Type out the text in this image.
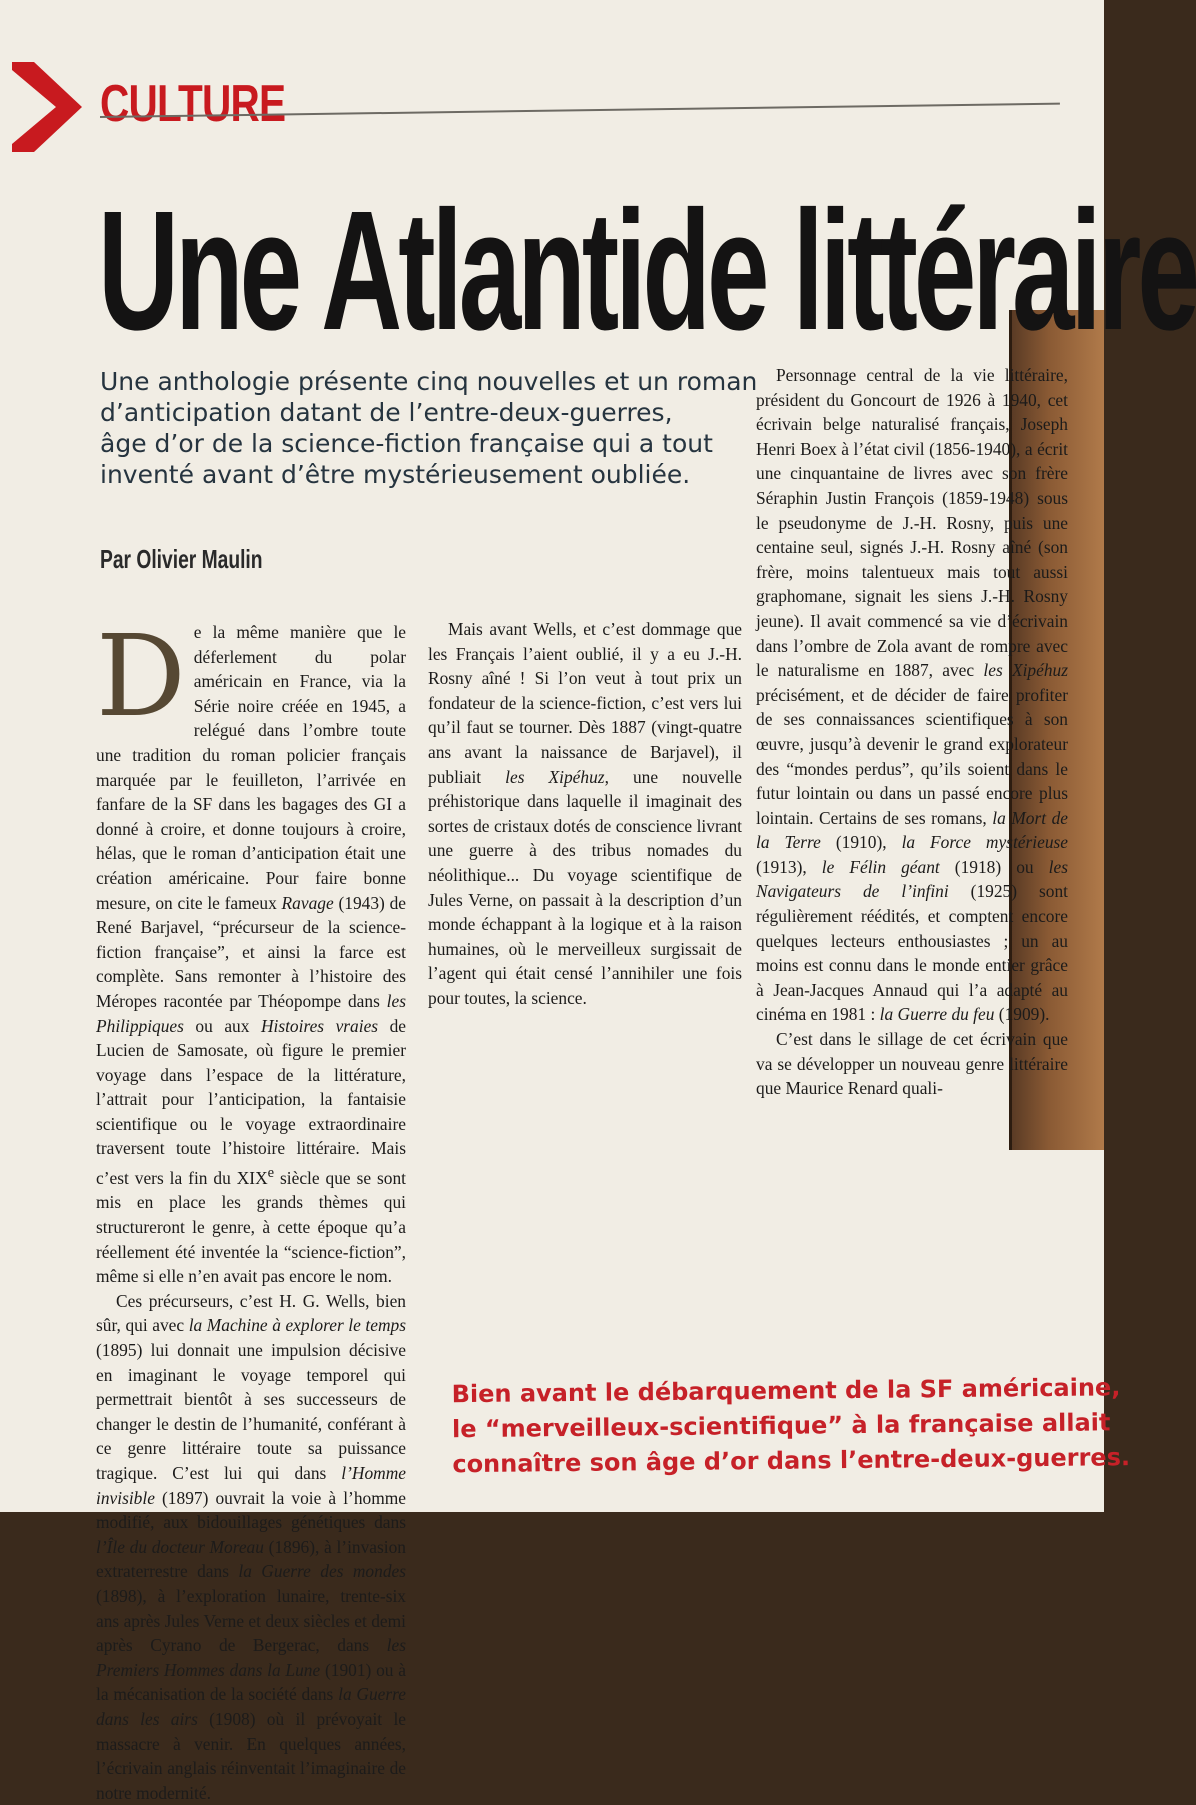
CULTURE
Une Atlantide littéraire
Une anthologie présente cinq nouvelles et un roman
d’anticipation datant de l’entre-deux-guerres,
âge d’or de la science-fiction française qui a tout
inventé avant d’être mystérieusement oubliée.
Par Olivier Maulin

De la même manière que le déferlement du polar américain en France, via la Série noire créée en 1945, a relégué dans l’ombre toute une tradition du roman policier français marquée par le feuilleton, l’arrivée en fanfare de la SF dans les bagages des GI a donné à croire, et donne toujours à croire, hélas, que le roman d’anticipation était une création américaine. Pour faire bonne mesure, on cite le fameux Ravage (1943) de René Barjavel, “précurseur de la science-fiction française”, et ainsi la farce est complète. Sans remonter à l’histoire des Méropes racontée par Théopompe dans les Philippiques ou aux Histoires vraies de Lucien de Samosate, où figure le premier voyage dans l’espace de la littérature, l’attrait pour l’anticipation, la fantaisie scientifique ou le voyage extraordinaire traversent toute l’histoire littéraire. Mais c’est vers la fin du XIXe siècle que se sont mis en place les grands thèmes qui structureront le genre, à cette époque qu’a réellement été inventée la “science-fiction”, même si elle n’en avait pas encore le nom.

Ces précurseurs, c’est H. G. Wells, bien sûr, qui avec la Machine à explorer le temps (1895) lui donnait une impulsion décisive en imaginant le voyage temporel qui permettrait bientôt à ses successeurs de changer le destin de l’humanité, conférant à ce genre littéraire toute sa puissance tragique. C’est lui qui dans l’Homme invisible (1897) ouvrait la voie à l’homme modifié, aux bidouillages génétiques dans l’Île du docteur Moreau (1896), à l’invasion extraterrestre dans la Guerre des mondes (1898), à l’exploration lunaire, trente-six ans après Jules Verne et deux siècles et demi après Cyrano de Bergerac, dans les Premiers Hommes dans la Lune (1901) ou à la mécanisation de la société dans la Guerre dans les airs (1908) où il prévoyait le massacre à venir. En quelques années, l’écrivain anglais réinventait l’imaginaire de notre modernité.

Mais avant Wells, et c’est dommage que les Français l’aient oublié, il y a eu J.-H. Rosny aîné ! Si l’on veut à tout prix un fondateur de la science-fiction, c’est vers lui qu’il faut se tourner. Dès 1887 (vingt-quatre ans avant la naissance de Barjavel), il publiait les Xipéhuz, une nouvelle préhistorique dans laquelle il imaginait des sortes de cristaux dotés de conscience livrant une guerre à des tribus nomades du néolithique... Du voyage scientifique de Jules Verne, on passait à la description d’un monde échappant à la logique et à la raison humaines, où le merveilleux surgissait de l’agent qui était censé l’annihiler une fois pour toutes, la science.

Personnage central de la vie littéraire, président du Goncourt de 1926 à 1940, cet écrivain belge naturalisé français, Joseph Henri Boex à l’état civil (1856-1940), a écrit une cinquantaine de livres avec son frère Séraphin Justin François (1859-1948) sous le pseudonyme de J.-H. Rosny, puis une centaine seul, signés J.-H. Rosny aîné (son frère, moins talentueux mais tout aussi graphomane, signait les siens J.-H. Rosny jeune). Il avait commencé sa vie d’écrivain dans l’ombre de Zola avant de rompre avec le naturalisme en 1887, avec les Xipéhuz précisément, et de décider de faire profiter de ses connaissances scientifiques à son œuvre, jusqu’à devenir le grand explorateur des “mondes perdus”, qu’ils soient dans le futur lointain ou dans un passé encore plus lointain. Certains de ses romans, la Mort de la Terre (1910), la Force mystérieuse (1913), le Félin géant (1918) ou les Navigateurs de l’infini (1925) sont régulièrement réédités, et comptent encore quelques lecteurs enthousiastes ; un au moins est connu dans le monde entier grâce à Jean-Jacques Annaud qui l’a adapté au cinéma en 1981 : la Guerre du feu (1909).

C’est dans le sillage de cet écrivain que va se développer un nouveau genre littéraire que Maurice Renard quali-

Bien avant le débarquement de la SF américaine,
le “merveilleux-scientifique” à la française allait
connaître son âge d’or dans l’entre-deux-guerres.
